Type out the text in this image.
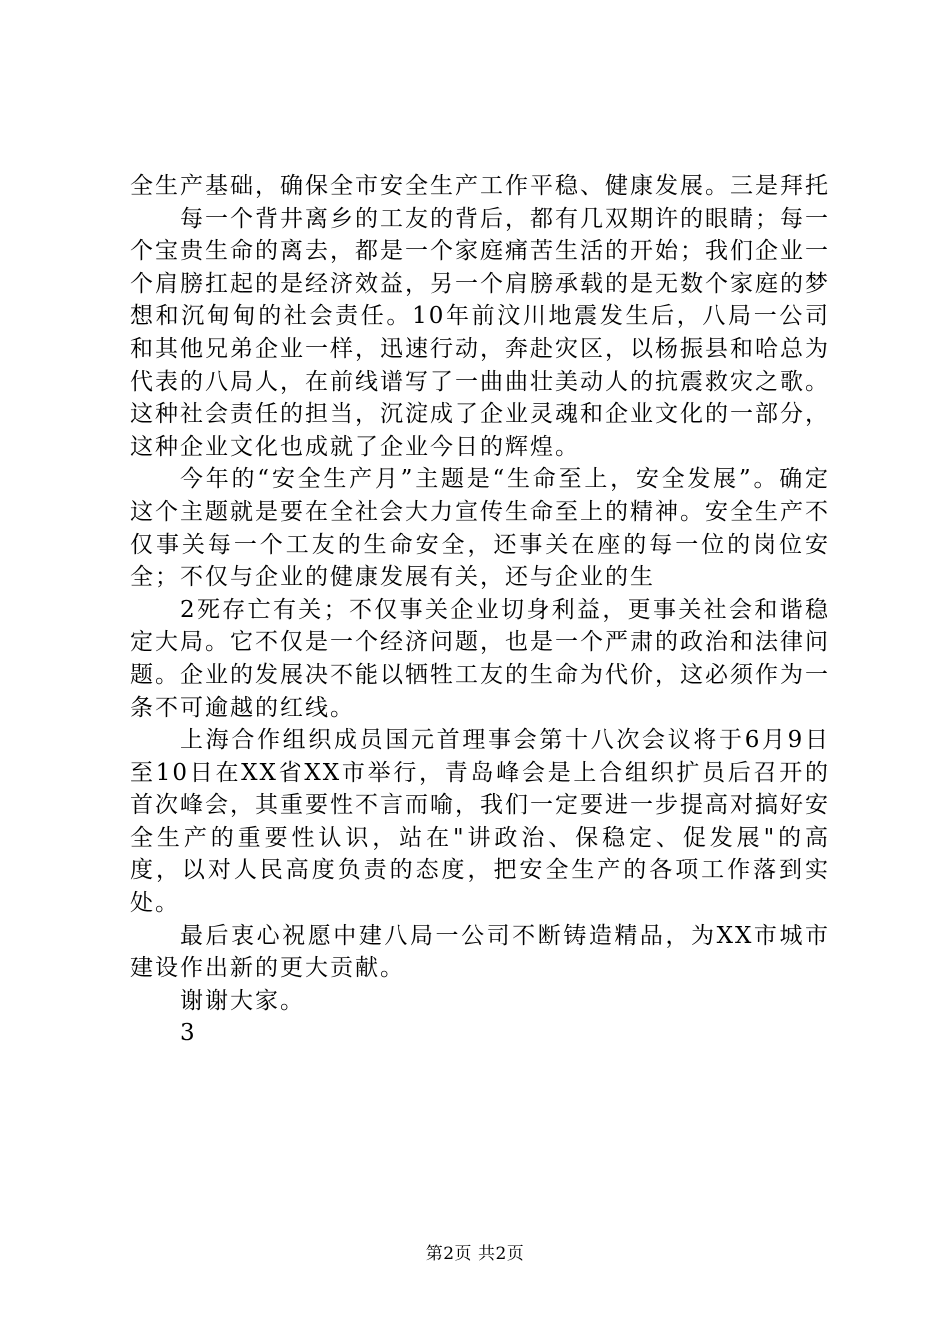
全生产基础，确保全市安全生产工作平稳、健康发展。三是拜托

每一个背井离乡的工友的背后，都有几双期许的眼睛；每一个宝贵生命的离去，都是一个家庭痛苦生活的开始；我们企业一个肩膀扛起的是经济效益，另一个肩膀承载的是无数个家庭的梦想和沉甸甸的社会责任。10年前汶川地震发生后，八局一公司和其他兄弟企业一样，迅速行动，奔赴灾区，以杨振县和哈总为代表的八局人，在前线谱写了一曲曲壮美动人的抗震救灾之歌。这种社会责任的担当，沉淀成了企业灵魂和企业文化的一部分，这种企业文化也成就了企业今日的辉煌。

今年的“安全生产月”主题是“生命至上，安全发展”。确定这个主题就是要在全社会大力宣传生命至上的精神。安全生产不仅事关每一个工友的生命安全，还事关在座的每一位的岗位安全；不仅与企业的健康发展有关，还与企业的生

2死存亡有关；不仅事关企业切身利益，更事关社会和谐稳定大局。它不仅是一个经济问题，也是一个严肃的政治和法律问题。企业的发展决不能以牺牲工友的生命为代价，这必须作为一条不可逾越的红线。

上海合作组织成员国元首理事会第十八次会议将于6月9日至10日在XX省XX市举行，青岛峰会是上合组织扩员后召开的首次峰会，其重要性不言而喻，我们一定要进一步提高对搞好安全生产的重要性认识，站在"讲政治、保稳定、促发展"的高度，以对人民高度负责的态度，把安全生产的各项工作落到实处。

最后衷心祝愿中建八局一公司不断铸造精品，为XX市城市建设作出新的更大贡献。

谢谢大家。

3

第2页 共2页
